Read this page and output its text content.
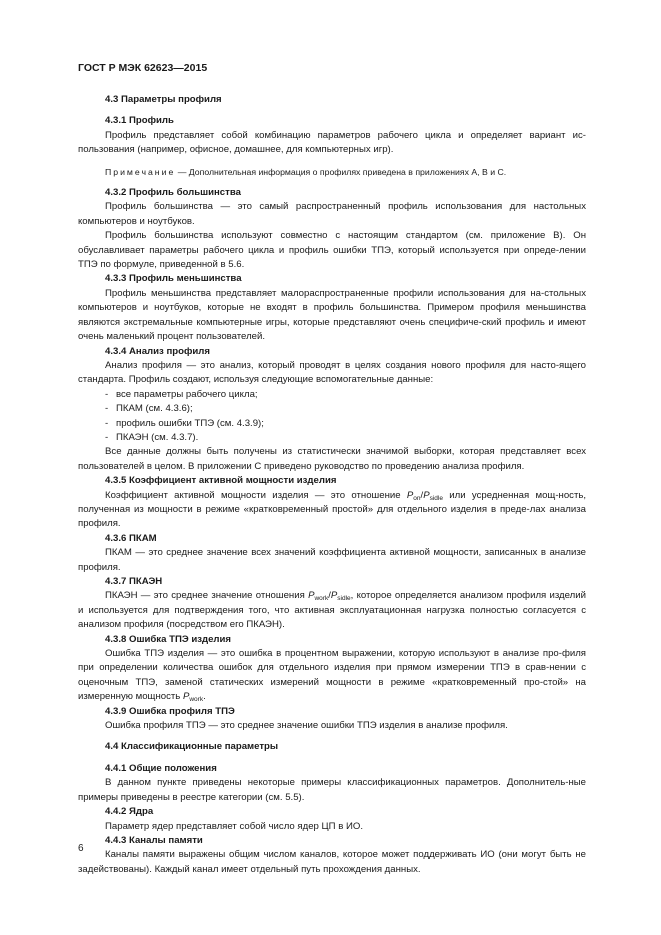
ГОСТ Р МЭК 62623—2015

4.3 Параметры профиля

4.3.1 Профиль

Профиль представляет собой комбинацию параметров рабочего цикла и определяет вариант ис-пользования (например, офисное, домашнее, для компьютерных игр).

Примечание — Дополнительная информация о профилях приведена в приложениях А, В и С.

4.3.2 Профиль большинства

Профиль большинства — это самый распространенный профиль использования для настольных компьютеров и ноутбуков.

Профиль большинства используют совместно с настоящим стандартом (см. приложение В). Он обуславливает параметры рабочего цикла и профиль ошибки ТПЭ, который используется при опреде-лении ТПЭ по формуле, приведенной в 5.6.

4.3.3 Профиль меньшинства

Профиль меньшинства представляет малораспространенные профили использования для на-стольных компьютеров и ноутбуков, которые не входят в профиль большинства. Примером профиля меньшинства являются экстремальные компьютерные игры, которые представляют очень специфиче-ский профиль и имеют очень маленький процент пользователей.

4.3.4 Анализ профиля

Анализ профиля — это анализ, который проводят в целях создания нового профиля для насто-ящего стандарта. Профиль создают, используя следующие вспомогательные данные:

- все параметры рабочего цикла;

- ПКАМ (см. 4.3.6);

- профиль ошибки ТПЭ (см. 4.3.9);

- ПКАЭН (см. 4.3.7).

Все данные должны быть получены из статистически значимой выборки, которая представляет всех пользователей в целом. В приложении С приведено руководство по проведению анализа профиля.

4.3.5 Коэффициент активной мощности изделия

Коэффициент активной мощности изделия — это отношение $P_{on}/P_{sidle}$ или усредненная мощ-ность, полученная из мощности в режиме «кратковременный простой» для отдельного изделия в преде-лах анализа профиля.

4.3.6 ПКАМ

ПКАМ — это среднее значение всех значений коэффициента активной мощности, записанных в анализе профиля.

4.3.7 ПКАЭН

ПКАЭН — это среднее значение отношения $P_{work}/P_{sidle}$, которое определяется анализом профиля изделий и используется для подтверждения того, что активная эксплуатационная нагрузка полностью согласуется с анализом профиля (посредством его ПКАЭН).

4.3.8 Ошибка ТПЭ изделия

Ошибка ТПЭ изделия — это ошибка в процентном выражении, которую используют в анализе про-филя при определении количества ошибок для отдельного изделия при прямом измерении ТПЭ в срав-нении с оценочным ТПЭ, заменой статических измерений мощности в режиме «кратковременный про-стой» на измеренную мощность $P_{work}$.

4.3.9 Ошибка профиля ТПЭ

Ошибка профиля ТПЭ — это среднее значение ошибки ТПЭ изделия в анализе профиля.

4.4 Классификационные параметры

4.4.1 Общие положения

В данном пункте приведены некоторые примеры классификационных параметров. Дополнитель-ные примеры приведены в реестре категории (см. 5.5).

4.4.2 Ядра

Параметр ядер представляет собой число ядер ЦП в ИО.

4.4.3 Каналы памяти

Каналы памяти выражены общим числом каналов, которое может поддерживать ИО (они могут быть не задействованы). Каждый канал имеет отдельный путь прохождения данных.

6
